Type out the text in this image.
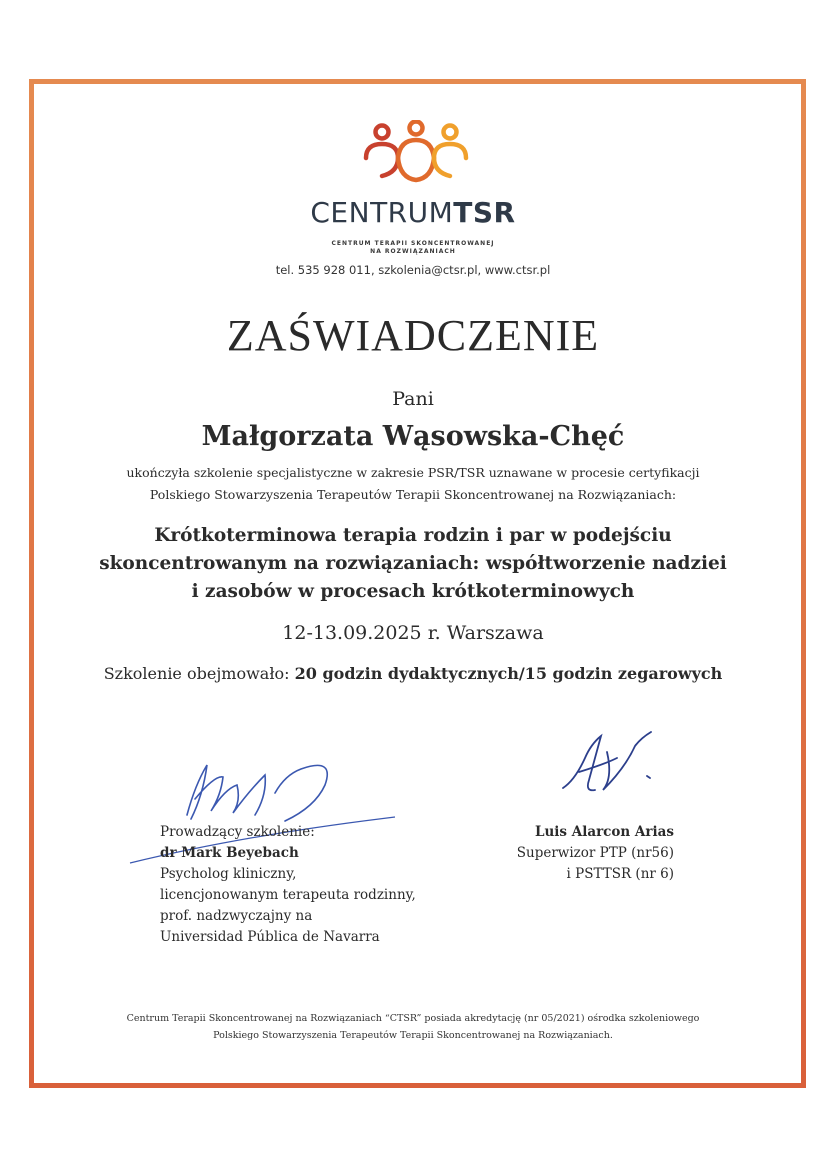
CENTRUMTSR
CENTRUM TERAPII SKONCENTROWANEJ
NA ROZWIĄZANIACH
tel. 535 928 011, szkolenia@ctsr.pl, www.ctsr.pl
ZAŚWIADCZENIE
Pani
Małgorzata Wąsowska-Chęć
ukończyła szkolenie specjalistyczne w zakresie PSR/TSR uznawane w procesie certyfikacji
Polskiego Stowarzyszenia Terapeutów Terapii Skoncentrowanej na Rozwiązaniach:
Krótkoterminowa terapia rodzin i par w podejściu
skoncentrowanym na rozwiązaniach: współtworzenie nadziei
i zasobów w procesach krótkoterminowych
12-13.09.2025 r. Warszawa
Szkolenie obejmowało: 20 godzin dydaktycznych/15 godzin zegarowych
Prowadzący szkolenie:
dr Mark Beyebach
Psycholog kliniczny,
licencjonowanym terapeuta rodzinny,
prof. nadzwyczajny na
Universidad Pública de Navarra
Luis Alarcon Arias
Superwizor PTP (nr56)
i PSTTSR (nr 6)
Centrum Terapii Skoncentrowanej na Rozwiązaniach “CTSR” posiada akredytację (nr 05/2021) ośrodka szkoleniowego
Polskiego Stowarzyszenia Terapeutów Terapii Skoncentrowanej na Rozwiązaniach.
